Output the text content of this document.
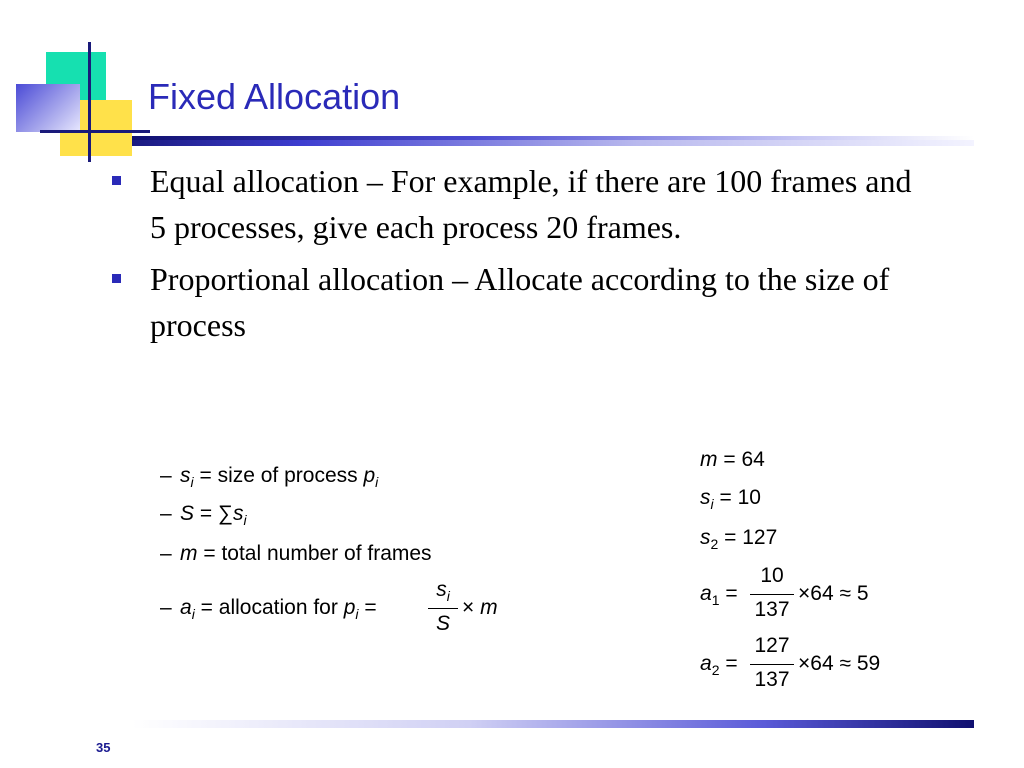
Fixed Allocation
Equal allocation – For example, if there are 100 frames and 5 processes, give each process 20 frames.
Proportional allocation – Allocate according to the size of process
– $s_i$ = size of process $p_i$
– $S = \sum s_i$
– m = total number of frames
– $a_i$ = allocation for $p_i$ =
$s_i$
S
× m
m = 64
$s_i = 10$
$s_2 = 127$
$a_1$ =
10
137
×64 ≈ 5
$a_2$ =
127
137
×64 ≈ 59
35
